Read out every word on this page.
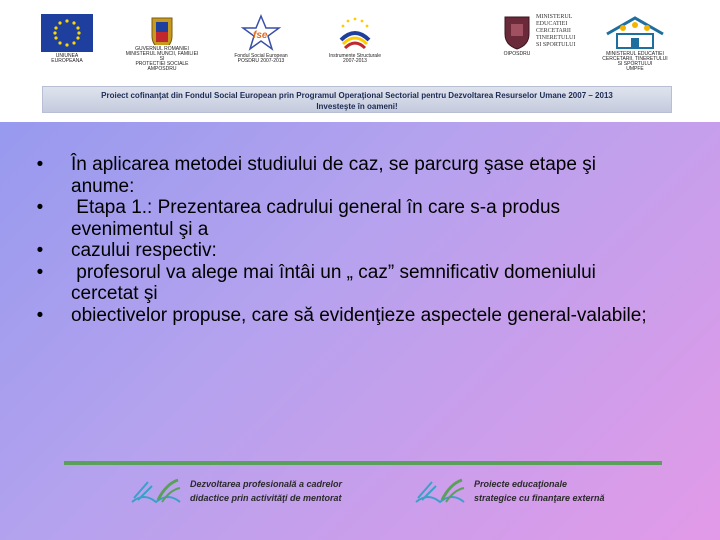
UNIUNEA EUROPEANA
GUVERNUL ROMANIEI
MINISTERUL MUNCII, FAMILIEI SI
PROTECTIEI SOCIALE
AMPOSDRU
fse
Fondul Social European
POSDRU 2007-2013
Instrumente Structurale
2007-2013
OIPOSDRU
MINISTERUL
EDUCATIEI
CERCETARII
TINERETULUI
SI SPORTULUI
MINISTERUL EDUCATIEI
CERCETARII, TINERETULUI
SI SPORTULUI
UMPFE
Proiect cofinanţat din Fondul Social European prin Programul Operaţional Sectorial pentru Dezvoltarea Resurselor Umane 2007 – 2013
Investeşte în oameni!
•	În aplicarea metodei studiului de caz, se parcurg şase etape şi anume:
•	Etapa 1.: Prezentarea cadrului general în care s-a produs evenimentul şi a
•	cazului respectiv:
•	profesorul va alege mai întâi un „ caz” semnificativ domeniului cercetat şi
•	obiectivelor propuse, care să evidenţieze aspectele general-valabile;
Dezvoltarea profesională a cadrelor
didactice prin activităţi de mentorat
Proiecte educaţionale
strategice cu finanţare externă
